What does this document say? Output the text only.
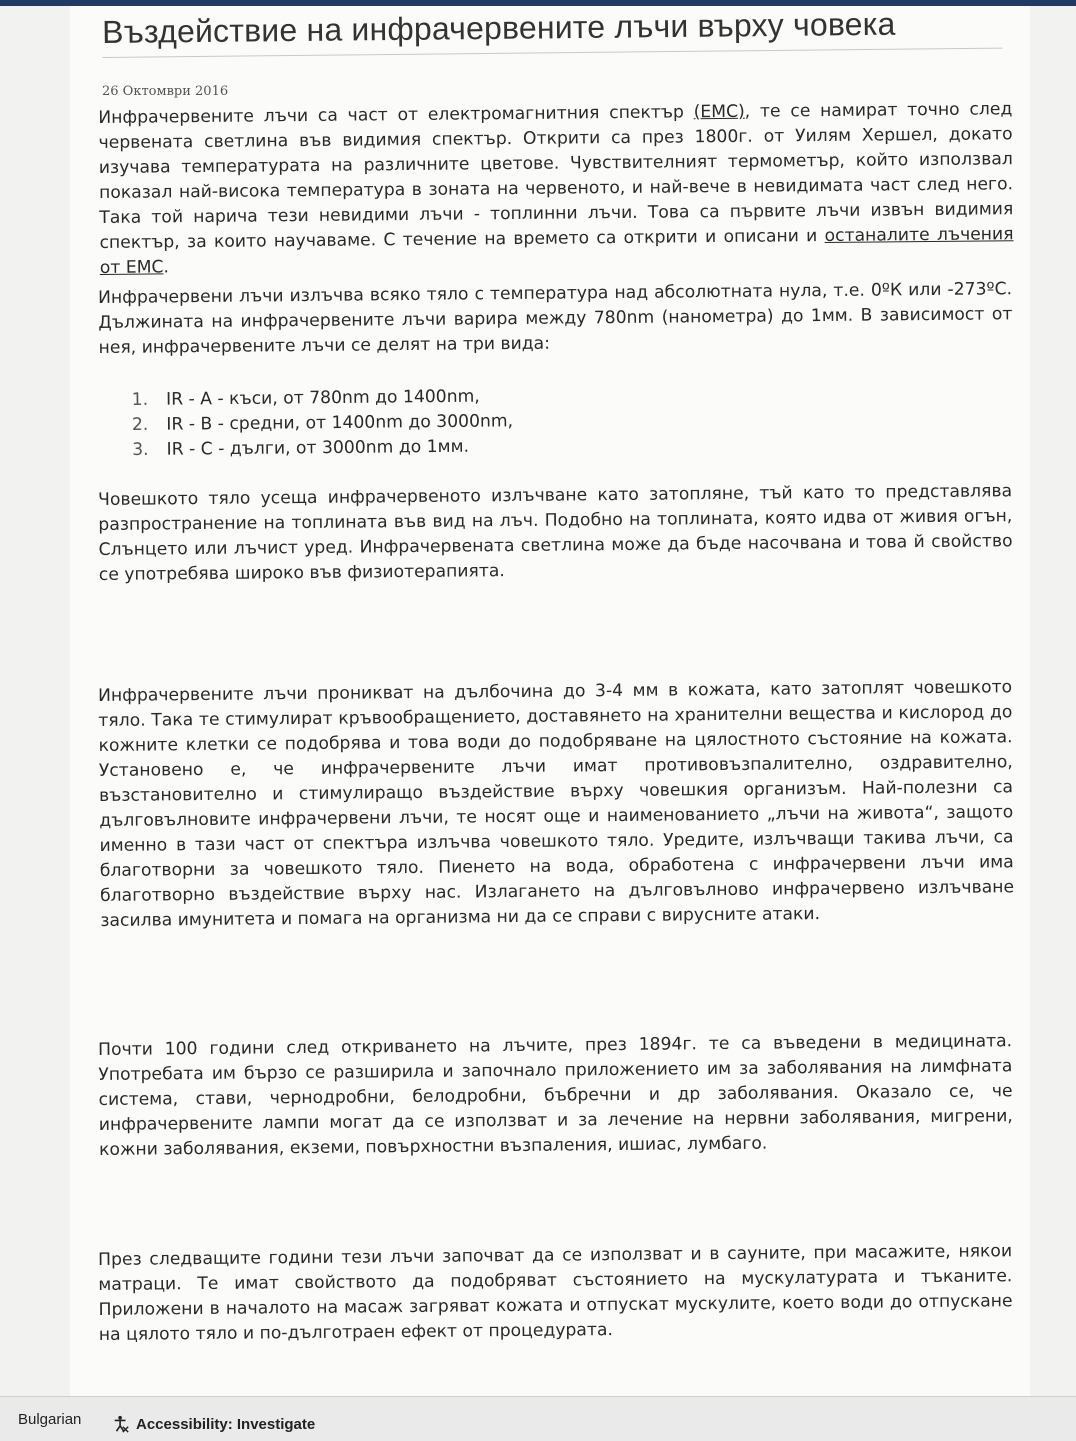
Въздействие на инфрачервените лъчи върху човека
26 Октомври 2016

Инфрачервените лъчи са част от електромагнитния спектър (ЕМС), те се намират точно след червената светлина във видимия спектър. Открити са през 1800г. от Уилям Хершел, докато изучава температурата на различните цветове. Чувствителният термометър, който използвал показал най-висока температура в зоната на червеното, и най-вече в невидимата част след него. Така той нарича тези невидими лъчи - топлинни лъчи. Това са първите лъчи извън видимия спектър, за които научаваме. С течение на времето са открити и описани и останалите лъчения от ЕМС.
Инфрачервени лъчи излъчва всяко тяло с температура над абсолютната нула, т.е. 0ºК или -273ºС. Дължината на инфрачервените лъчи варира между 780nm (нанометра) до 1мм. В зависимост от нея, инфрачервените лъчи се делят на три вида:
1. IR - A - къси, от 780nm до 1400nm,
2. IR - B - средни, от 1400nm до 3000nm,
3. IR - C - дълги, от 3000nm до 1мм.
Човешкото тяло усеща инфрачервеното излъчване като затопляне, тъй като то представлява разпространение на топлината във вид на лъч. Подобно на топлината, която идва от живия огън, Слънцето или лъчист уред. Инфрачервената светлина може да бъде насочвана и това й свойство се употребява широко във физиотерапията.
Инфрачервените лъчи проникват на дълбочина до 3-4 мм в кожата, като затоплят човешкото тяло. Така те стимулират кръвообращението, доставянето на хранителни вещества и кислород до кожните клетки се подобрява и това води до подобряване на цялостното състояние на кожата. Установено е, че инфрачервените лъчи имат противовъзпалително, оздравително, възстановително и стимулиращо въздействие върху човешкия организъм. Най-полезни са дълговълновите инфрачервени лъчи, те носят още и наименованието „лъчи на живота“, защото именно в тази част от спектъра излъчва човешкото тяло. Уредите, излъчващи такива лъчи, са благотворни за човешкото тяло. Пиенето на вода, обработена с инфрачервени лъчи има благотворно въздействие върху нас. Излагането на дълговълново инфрачервено излъчване засилва имунитета и помага на организма ни да се справи с вирусните атаки.
Почти 100 години след откриването на лъчите, през 1894г. те са въведени в медицината. Употребата им бързо се разширила и започнало приложението им за заболявания на лимфната система, стави, чернодробни, белодробни, бъбречни и др заболявания. Оказало се, че инфрачервените лампи могат да се използват и за лечение на нервни заболявания, мигрени, кожни заболявания, екземи, повърхностни възпаления, ишиас, лумбаго.
През следващите години тези лъчи започват да се използват и в сауните, при масажите, някои матраци. Те имат свойството да подобряват състоянието на мускулатурата и тъканите. Приложени в началото на масаж загряват кожата и отпускат мускулите, което води до отпускане на цялото тяло и по-дълготраен ефект от процедурата.
Bulgarian	Accessibility: Investigate
